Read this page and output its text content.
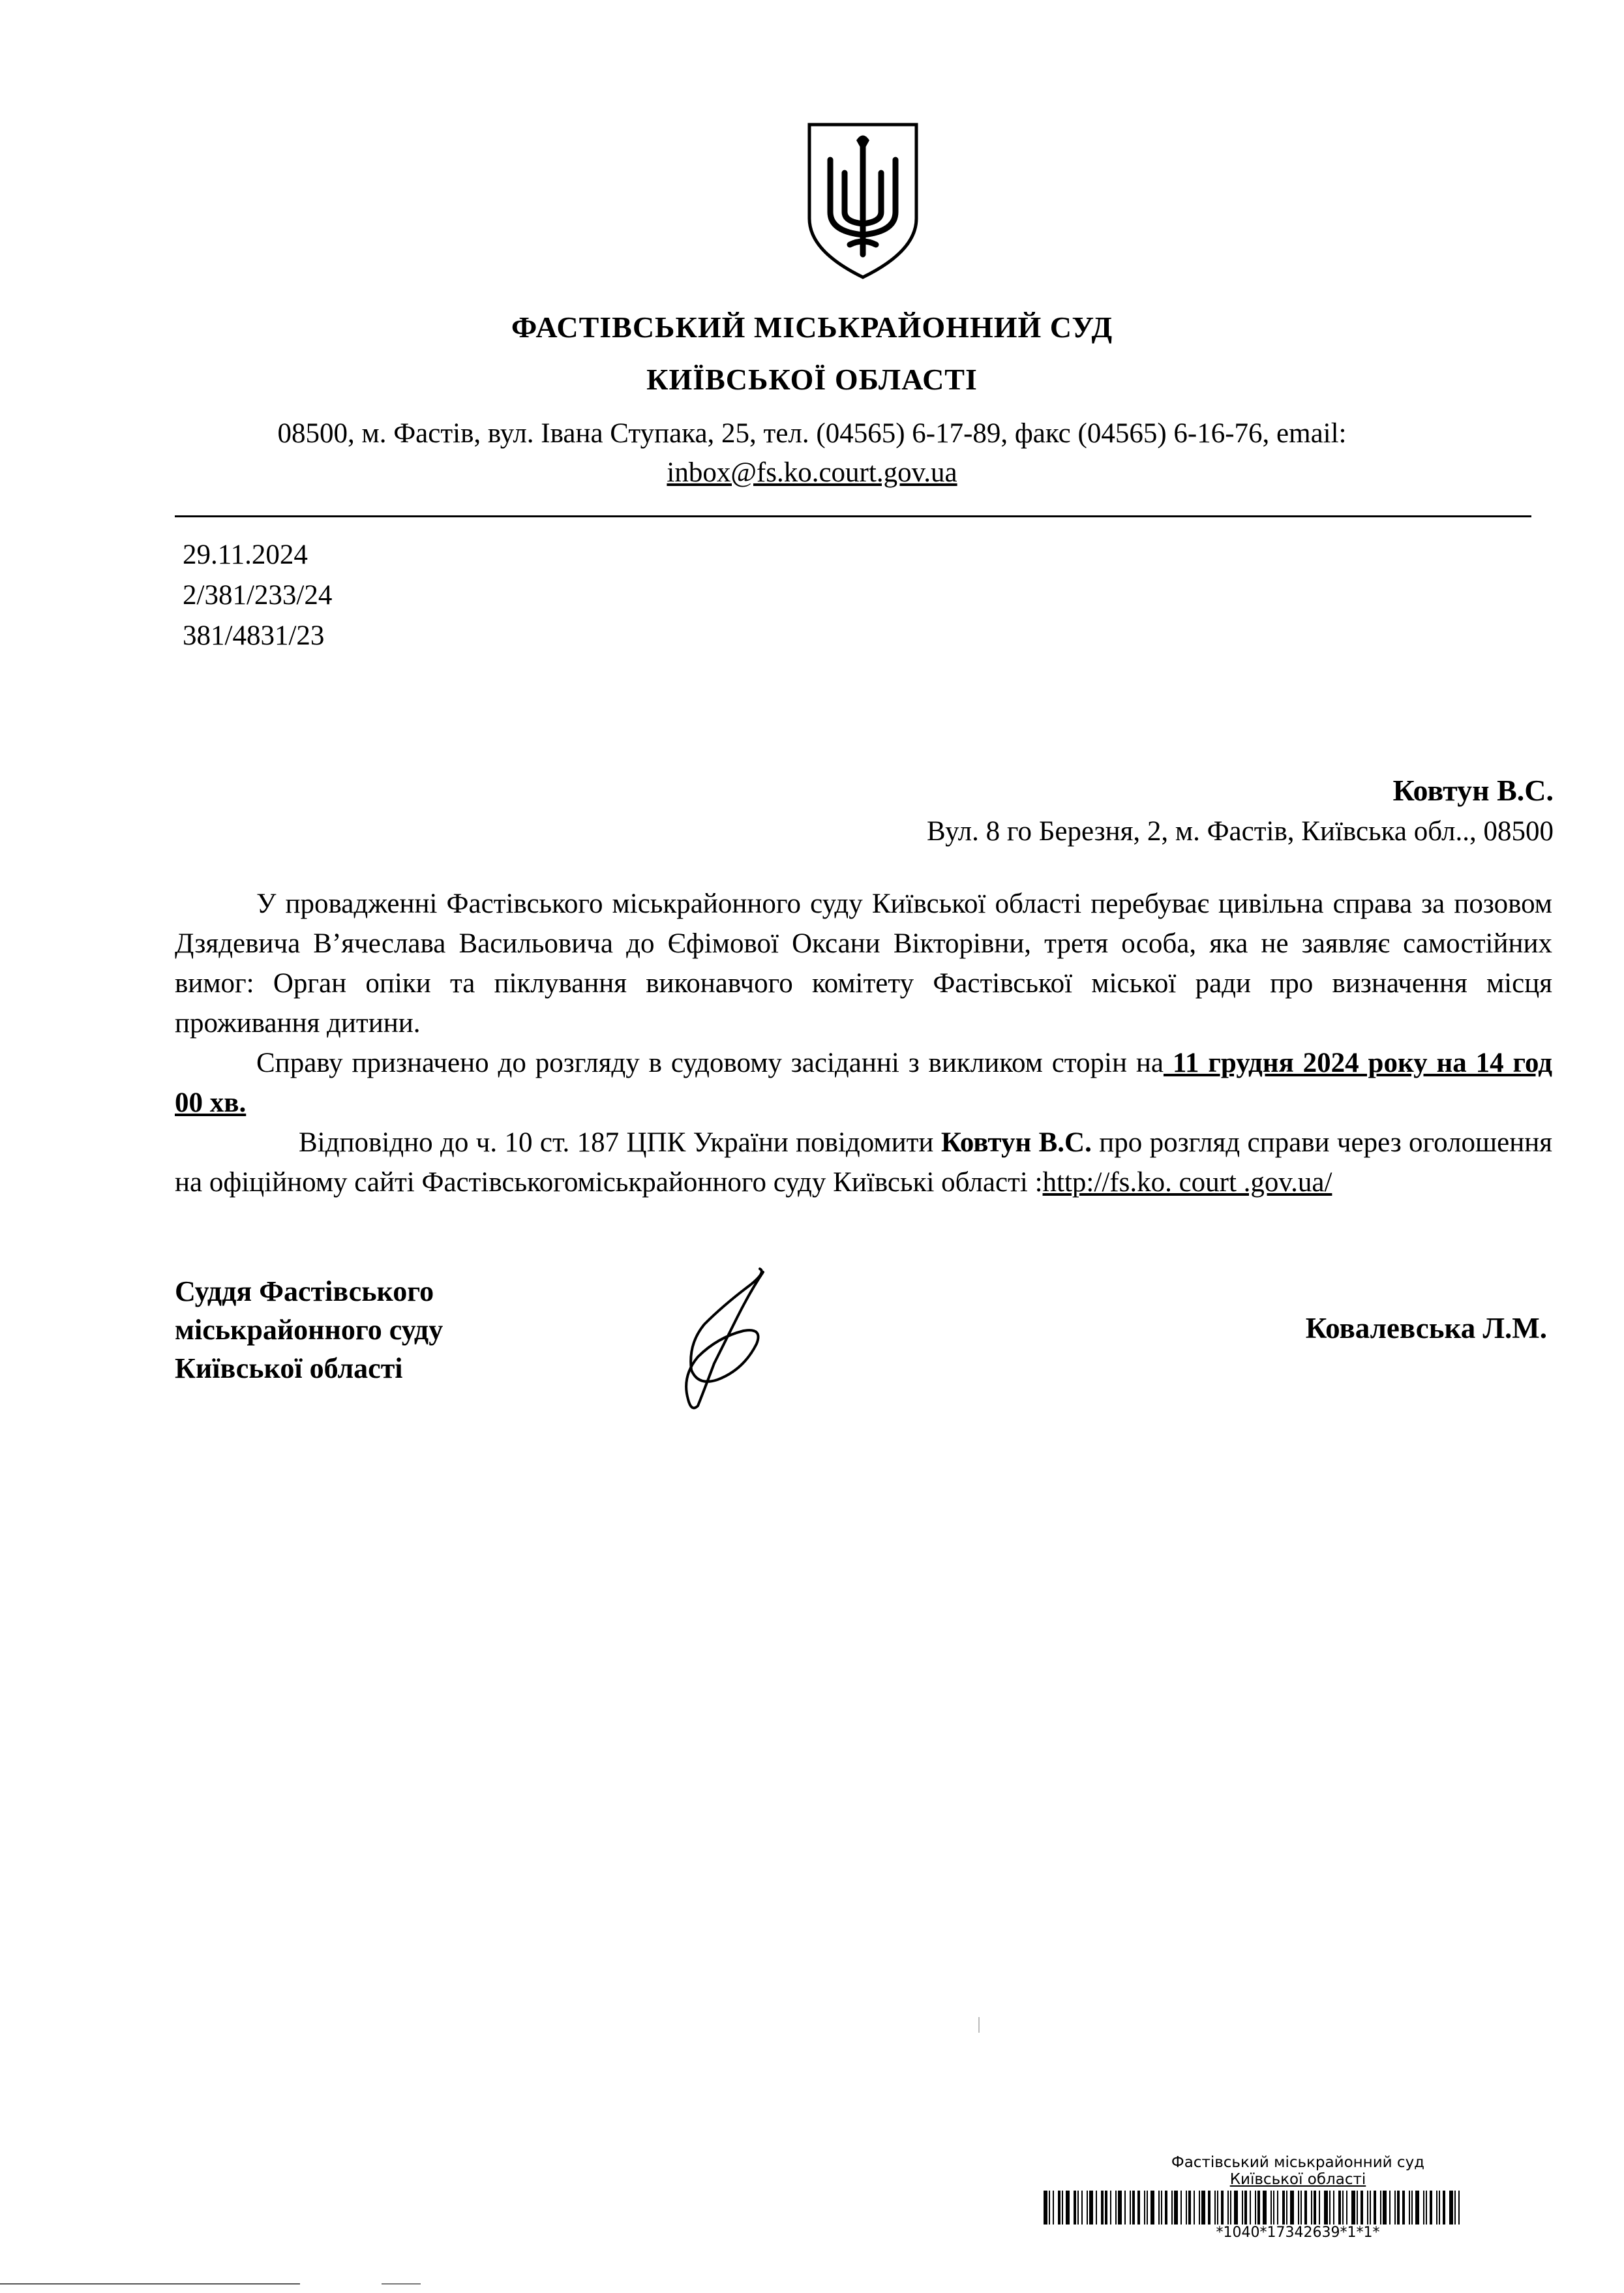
ФАСТІВСЬКИЙ МІСЬКРАЙОННИЙ СУД
КИЇВСЬКОЇ ОБЛАСТІ
08500, м. Фастів, вул. Івана Ступака, 25, тел. (04565) 6-17-89, факс (04565) 6-16-76, email:
inbox@fs.ko.court.gov.ua
29.11.2024
2/381/233/24
381/4831/23
Ковтун В.С.
Вул. 8 го Березня, 2, м. Фастів, Київська обл.., 08500

У провадженні Фастівського міськрайонного суду Київської області перебуває цивільна справа за позовом Дзядевича В’ячеслава Васильовича до Єфімової Оксани Вікторівни, третя особа, яка не заявляє самостійних вимог: Орган опіки та піклування виконавчого комітету Фастівської міської ради про визначення місця проживання дитини.

Справу призначено до розгляду в судовому засіданні з викликом сторін на 11 грудня 2024 року на 14 год 00 хв.

Відповідно до ч. 10 ст. 187 ЦПК України повідомити Ковтун В.С. про розгляд справи через оголошення на офіційному сайті Фастівськогоміськрайонного суду Київські області :http://fs.ko. court .gov.ua/

Суддя Фастівського
міськрайонного суду
Київської області
Ковалевська Л.М.
Фастівський міськрайонний суд
Київської області
*1040*17342639*1*1*
